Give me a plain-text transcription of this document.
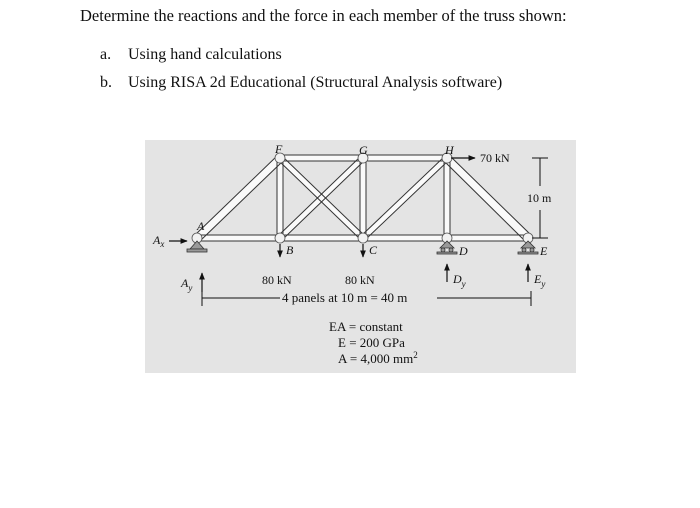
Determine the reactions and the force in each member of the truss shown:
a. Using hand calculations
b. Using RISA 2d Educational (Structural Analysis software)
F	G	H
A
B	C	D	E
$A_x$
$A_y$
$D_y$	$E_y$
80 kN	80 kN
70 kN
10 m
4 panels at 10 m = 40 m
EA = constant
E = 200 GPa
A = 4,000 $mm^2$
